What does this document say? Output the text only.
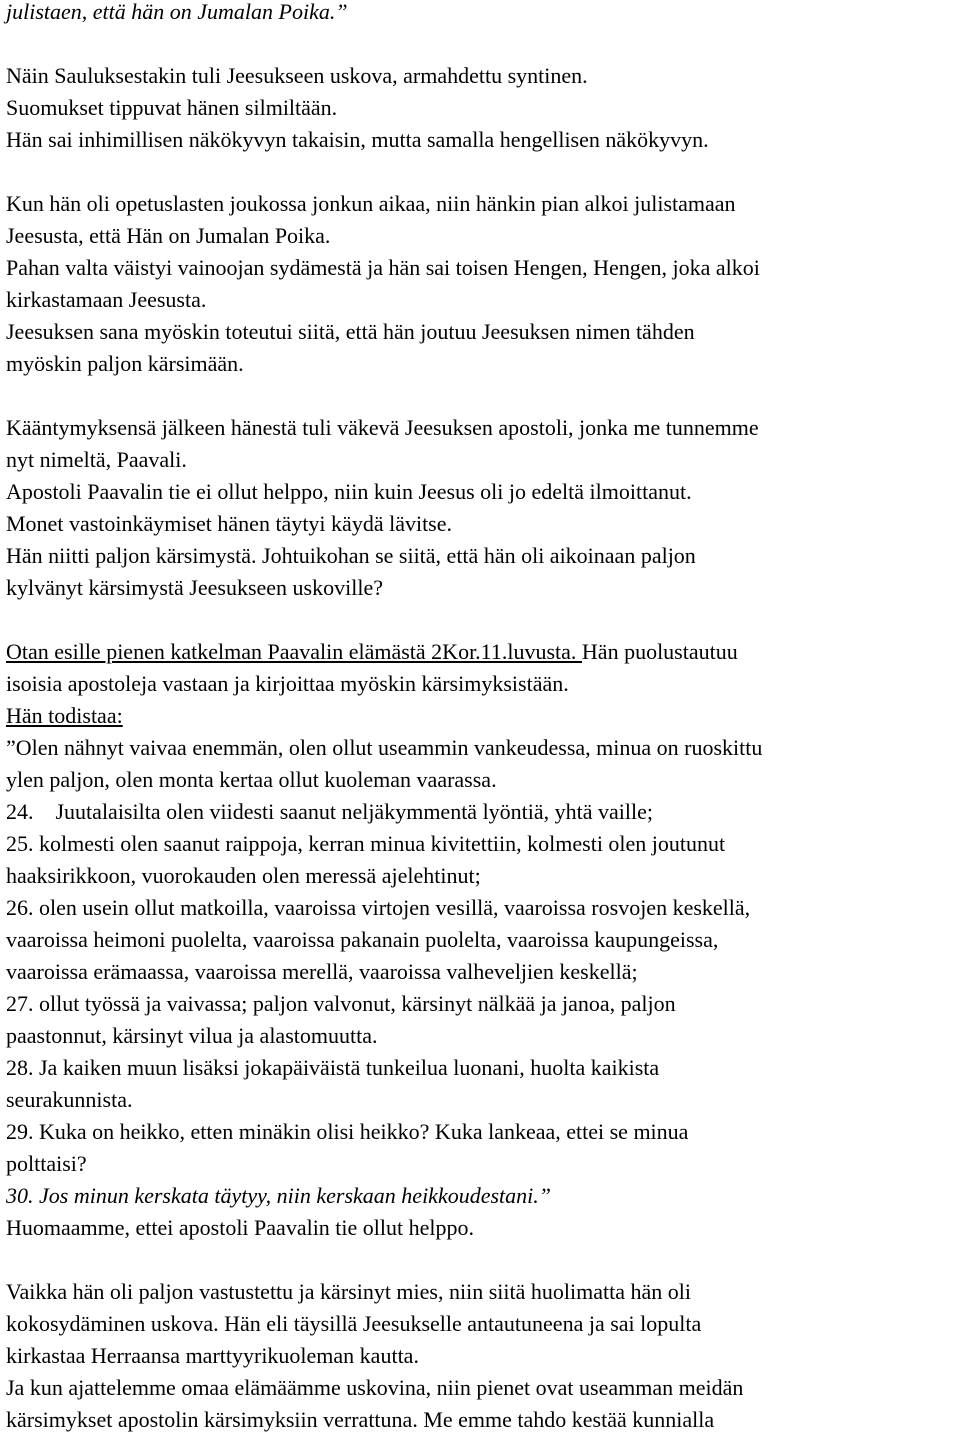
julistaen, että hän on Jumalan Poika.”
Näin Sauluksestakin tuli Jeesukseen uskova, armahdettu syntinen.
Suomukset tippuvat hänen silmiltään.
Hän sai inhimillisen näkökyvyn takaisin, mutta samalla hengellisen näkökyvyn.
Kun hän oli opetuslasten joukossa jonkun aikaa, niin hänkin pian alkoi julistamaan
Jeesusta, että Hän on Jumalan Poika.
Pahan valta väistyi vainoojan sydämestä ja hän sai toisen Hengen, Hengen, joka alkoi
kirkastamaan Jeesusta.
Jeesuksen sana myöskin toteutui siitä, että hän joutuu Jeesuksen nimen tähden
myöskin paljon kärsimään.
Kääntymyksensä jälkeen hänestä tuli väkevä Jeesuksen apostoli, jonka me tunnemme
nyt nimeltä, Paavali.
Apostoli Paavalin tie ei ollut helppo, niin kuin Jeesus oli jo edeltä ilmoittanut.
Monet vastoinkäymiset hänen täytyi käydä lävitse.
Hän niitti paljon kärsimystä. Johtuikohan se siitä, että hän oli aikoinaan paljon
kylvänyt kärsimystä Jeesukseen uskoville?
Otan esille pienen katkelman Paavalin elämästä 2Kor.11.luvusta. Hän puolustautuu
isoisia apostoleja vastaan ja kirjoittaa myöskin kärsimyksistään.
Hän todistaa:
”Olen nähnyt vaivaa enemmän, olen ollut useammin vankeudessa, minua on ruoskittu
ylen paljon, olen monta kertaa ollut kuoleman vaarassa.
24.    Juutalaisilta olen viidesti saanut neljäkymmentä lyöntiä, yhtä vaille;
25. kolmesti olen saanut raippoja, kerran minua kivitettiin, kolmesti olen joutunut
haaksirikkoon, vuorokauden olen meressä ajelehtinut;
26. olen usein ollut matkoilla, vaaroissa virtojen vesillä, vaaroissa rosvojen keskellä,
vaaroissa heimoni puolelta, vaaroissa pakanain puolelta, vaaroissa kaupungeissa,
vaaroissa erämaassa, vaaroissa merellä, vaaroissa valheveljien keskellä;
27. ollut työssä ja vaivassa; paljon valvonut, kärsinyt nälkää ja janoa, paljon
paastonnut, kärsinyt vilua ja alastomuutta.
28. Ja kaiken muun lisäksi jokapäiväistä tunkeilua luonani, huolta kaikista
seurakunnista.
29. Kuka on heikko, etten minäkin olisi heikko? Kuka lankeaa, ettei se minua
polttaisi?
30. Jos minun kerskata täytyy, niin kerskaan heikkoudestani.”
Huomaamme, ettei apostoli Paavalin tie ollut helppo.
Vaikka hän oli paljon vastustettu ja kärsinyt mies, niin siitä huolimatta hän oli
kokosydäminen uskova. Hän eli täysillä Jeesukselle antautuneena ja sai lopulta
kirkastaa Herraansa marttyyrikuoleman kautta.
Ja kun ajattelemme omaa elämäämme uskovina, niin pienet ovat useamman meidän
kärsimykset apostolin kärsimyksiin verrattuna. Me emme tahdo kestää kunnialla
